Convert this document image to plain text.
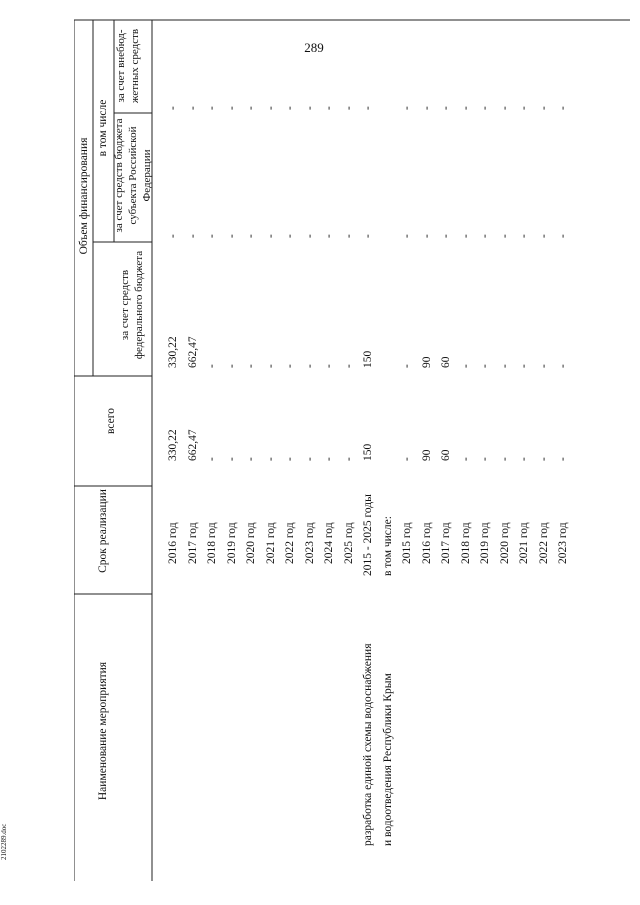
289
Наименование мероприятия
Срок реализации
всего
Объем финансирования
в том числе
за счет средств федерального бюджета
за счет средств бюджета субъекта Российской Федерации
за счет внебюд-жетных средств
2016 год
330,22
330,22
-
-
2017 год
662,47
662,47
-
-
2018 год
-
-
-
-
2019 год
-
-
-
-
2020 год
-
-
-
-
2021 год
-
-
-
-
2022 год
-
-
-
-
2023 год
-
-
-
-
2024 год
-
-
-
-
2025 год
-
-
-
-
разработка единой схемы водоснабжения
2015 - 2025 годы
150
150
-
-
и водоотведения Республики Крым
в том числе: 2015 год
-
-
-
-
2016 год
90
90
-
-
2017 год
60
60
-
-
2018 год
-
-
-
-
2019 год
-
-
-
-
2020 год
-
-
-
-
2021 год
-
-
-
-
2022 год
-
-
-
-
2023 год
-
-
-
-
2102289.doc
